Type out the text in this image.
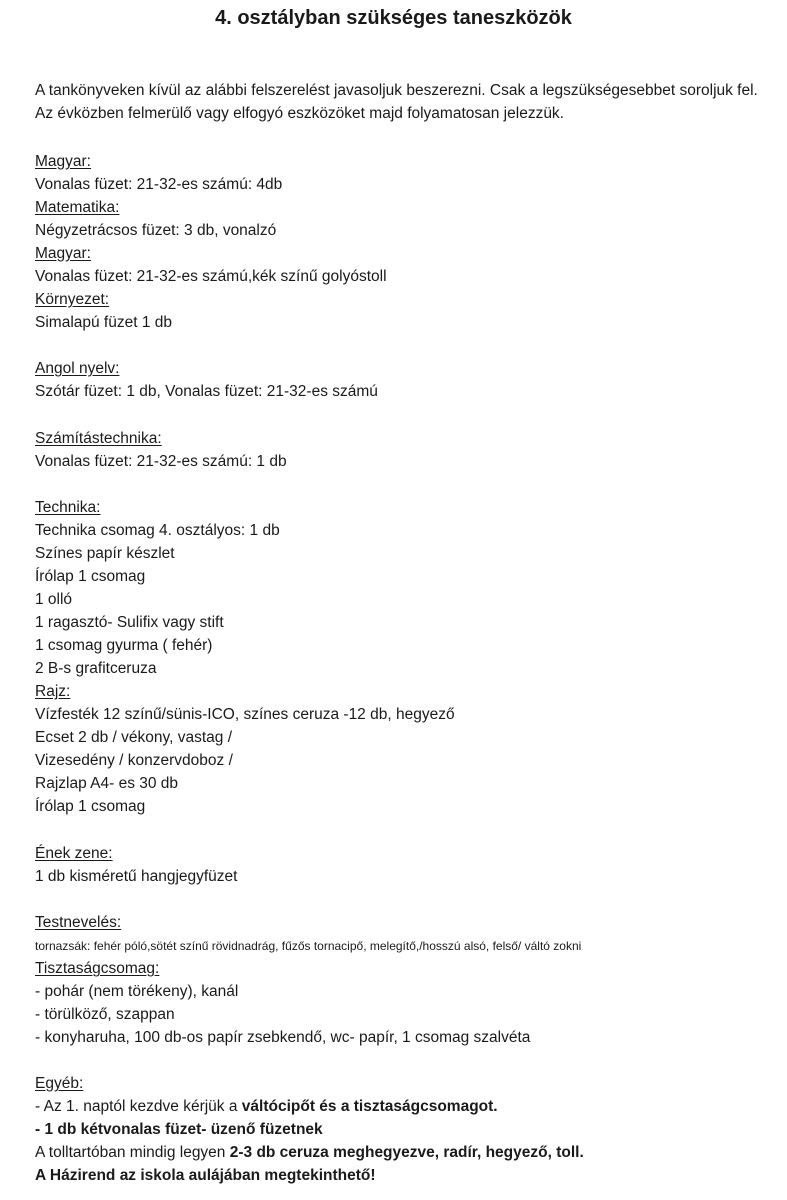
4. osztályban szükséges taneszközök
A tankönyveken kívül az alábbi felszerelést javasoljuk beszerezni. Csak a legszükségesebbet soroljuk fel. Az évközben felmerülő vagy elfogyó eszközöket majd folyamatosan jelezzük.
Magyar:
Vonalas füzet: 21-32-es számú: 4db
Matematika:
Négyzetrácsos füzet: 3 db, vonalzó
Magyar:
Vonalas füzet: 21-32-es számú,kék színű golyóstoll
Környezet:
Simalapú füzet 1 db
Angol nyelv:
Szótár füzet: 1 db, Vonalas füzet: 21-32-es számú
Számítástechnika:
Vonalas füzet: 21-32-es számú: 1 db
Technika:
Technika csomag 4. osztályos: 1 db
Színes papír készlet
Írólap 1 csomag
1 olló
1 ragasztó- Sulifix vagy stift
1 csomag gyurma ( fehér)
2 B-s grafitceruza
Rajz:
Vízfesték 12 színű/sünis-ICO, színes ceruza -12 db, hegyező
Ecset 2 db / vékony, vastag /
Vizesedény / konzervdoboz /
Rajzlap A4- es 30 db
Írólap 1 csomag
Ének zene:
1 db kisméretű hangjegyfüzet
Testnevelés:
tornazsák: fehér póló,sötét színű rövidnadrág, fűzős tornacipő, melegítő,/hosszú alsó, felső/ váltó zokni
Tisztaságcsomag:
- pohár (nem törékeny), kanál
- törülköző, szappan
- konyharuha, 100 db-os papír zsebkendő, wc- papír, 1 csomag szalvéta
Egyéb:
- Az 1. naptól kezdve kérjük a váltócipőt és a tisztaságcsomagot.
- 1 db kétvonalas füzet- üzenő füzetnek
A tolltartóban mindig legyen 2-3 db ceruza meghegyezve, radír, hegyező, toll.
A Házirend az iskola aulájában megtekinthető!
